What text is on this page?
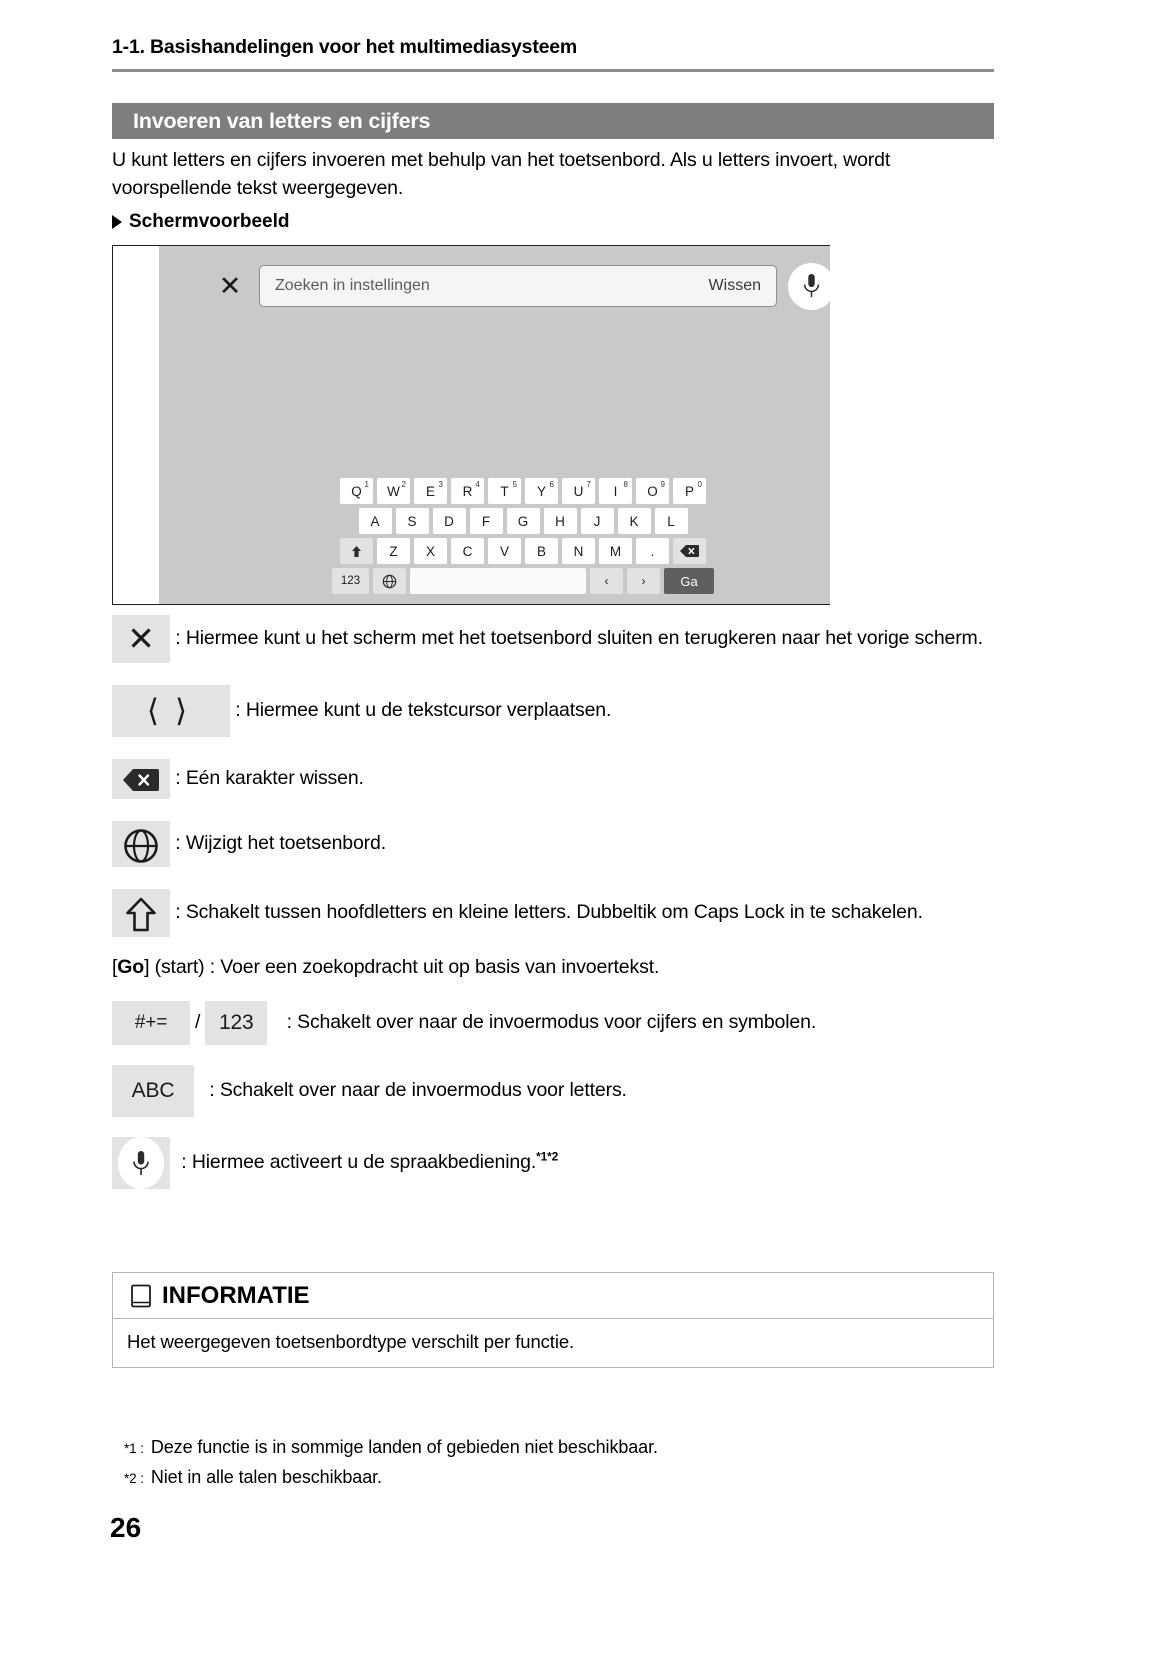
1-1. Basishandelingen voor het multimediasysteem
Invoeren van letters en cijfers
U kunt letters en cijfers invoeren met behulp van het toetsenbord. Als u letters invoert, wordt voorspellende tekst weergegeven.
Schermvoorbeeld
✕ Zoeken in instellingen	Wissen
Q 1 W 2 E 3 R 4 T 5 Y 6 U 7 I 8 O 9 P 0
A	S	D	F	G	H	J	K	L
Z	X	C	V	B	N	M	.
123	‹	›	Ga
✕ : Hiermee kunt u het scherm met het toetsenbord sluiten en terugkeren naar het vorige scherm.
⟨⟩ : Hiermee kunt u de tekstcursor verplaatsen.
: Eén karakter wissen.
: Wijzigt het toetsenbord.
: Schakelt tussen hoofdletters en kleine letters. Dubbeltik om Caps Lock in te schakelen.
[Go] (start) : Voer een zoekopdracht uit op basis van invoertekst.
#+= / 123 : Schakelt over naar de invoermodus voor cijfers en symbolen.
ABC : Schakelt over naar de invoermodus voor letters.
: Hiermee activeert u de spraakbediening.$^{*1*2}$
INFORMATIE
Het weergegeven toetsenbordtype verschilt per functie.
*1 : Deze functie is in sommige landen of gebieden niet beschikbaar.
*2 : Niet in alle talen beschikbaar.
26
